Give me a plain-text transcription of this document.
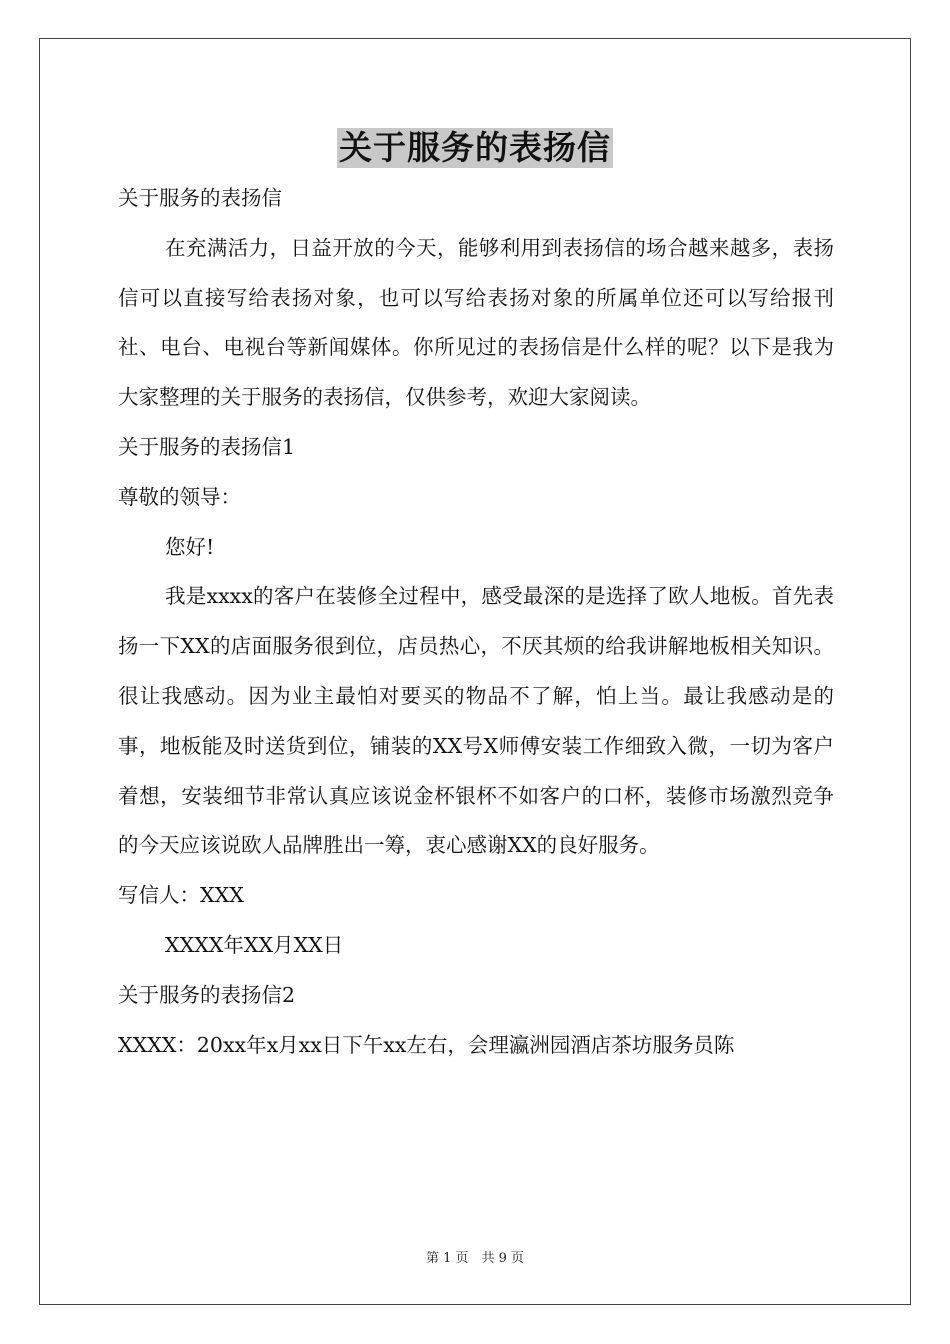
关于服务的表扬信

关于服务的表扬信

在充满活力，日益开放的今天，能够利用到表扬信的场合越来越多，表扬信可以直接写给表扬对象，也可以写给表扬对象的所属单位还可以写给报刊社、电台、电视台等新闻媒体。你所见过的表扬信是什么样的呢？以下是我为大家整理的关于服务的表扬信，仅供参考，欢迎大家阅读。

关于服务的表扬信1

尊敬的领导：

您好!

我是xxxx的客户在装修全过程中，感受最深的是选择了欧人地板。首先表扬一下XX的店面服务很到位，店员热心，不厌其烦的给我讲解地板相关知识。很让我感动。因为业主最怕对要买的物品不了解，怕上当。最让我感动是的事，地板能及时送货到位，铺装的XX号X师傅安装工作细致入微，一切为客户着想，安装细节非常认真应该说金杯银杯不如客户的口杯，装修市场激烈竞争的今天应该说欧人品牌胜出一筹，衷心感谢XX的良好服务。

写信人：XXX

XXXX年XX月XX日

关于服务的表扬信2

XXXX：20xx年x月xx日下午xx左右，会理瀛洲园酒店茶坊服务员陈

第 1 页　共 9 页
